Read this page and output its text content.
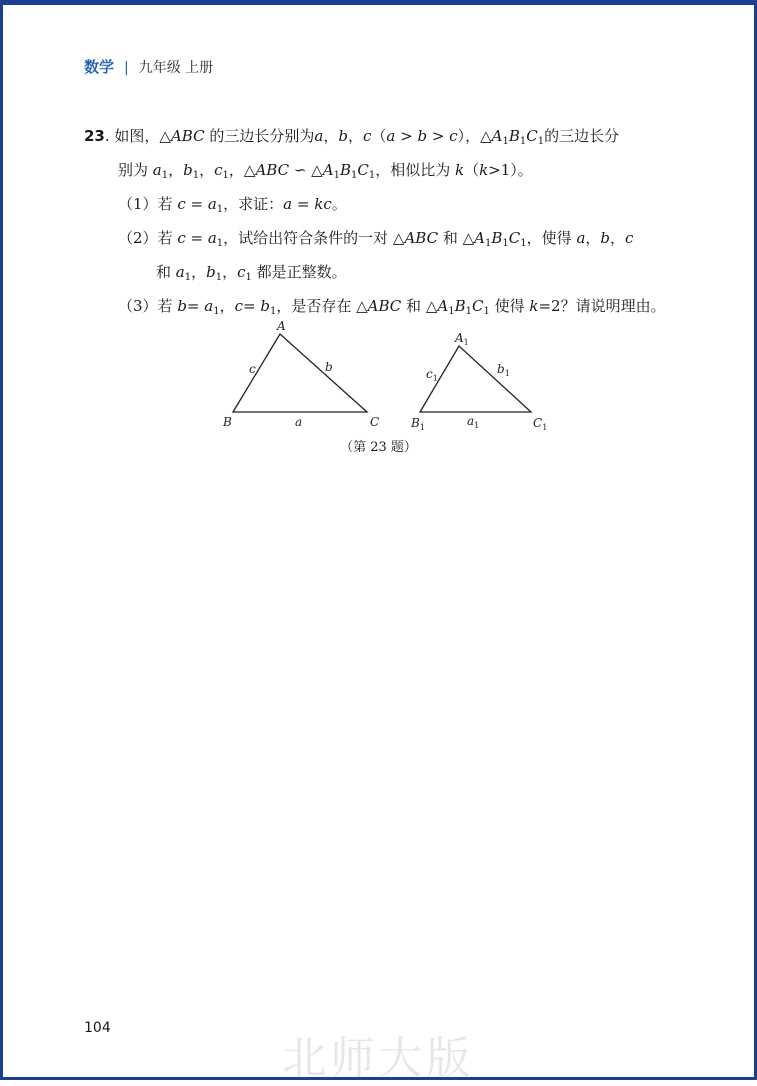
数学 | 九年级 上册
23. 如图，△ABC 的三边长分别为a，b，c（a > b > c），$\triangle A_1B_1C_1$的三边长分
别为 $a_1$，$b_1$，$c_1$，△ABC ∽ $\triangle A_1B_1C_1$，相似比为 k（k>1）。
（1）若 $c = a_1$，求证：a = kc。
（2）若 $c = a_1$，试给出符合条件的一对 △ABC 和 $\triangle A_1B_1C_1$，使得 a，b，c
和 $a_1$，$b_1$，$c_1$ 都是正整数。
（3）若 $b= a_1$，$c= b_1$，是否存在 △ABC 和 $\triangle A_1B_1C_1$ 使得 k=2？请说明理由。
A
B	C
a
b
c
$A_1$
$B_1$	$C_1$
$a_1$
$b_1$
$c_1$
（第 23 题）
104
北师大版
